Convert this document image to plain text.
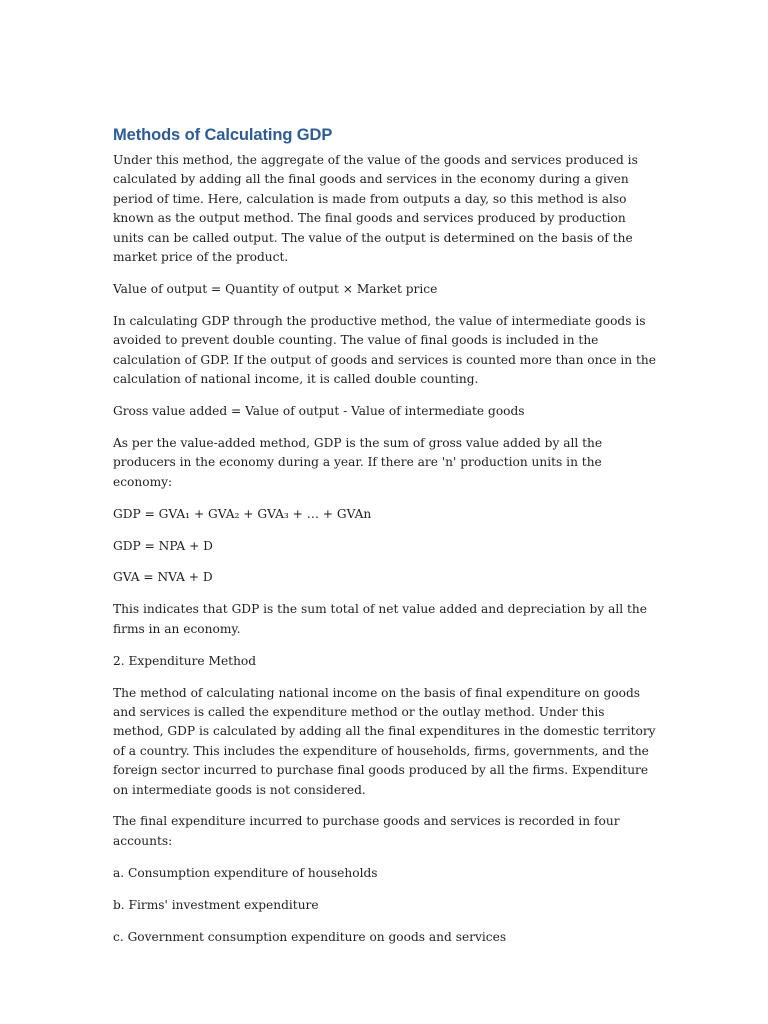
Methods of Calculating GDP

Under this method, the aggregate of the value of the goods and services produced is calculated by adding all the final goods and services in the economy during a given period of time. Here, calculation is made from outputs a day, so this method is also known as the output method. The final goods and services produced by production units can be called output. The value of the output is determined on the basis of the market price of the product.

Value of output = Quantity of output × Market price

In calculating GDP through the productive method, the value of intermediate goods is avoided to prevent double counting. The value of final goods is included in the calculation of GDP. If the output of goods and services is counted more than once in the calculation of national income, it is called double counting.

Gross value added = Value of output - Value of intermediate goods

As per the value-added method, GDP is the sum of gross value added by all the producers in the economy during a year. If there are 'n' production units in the economy:

GDP = GVA₁ + GVA₂ + GVA₃ + … + GVAn

GDP = NPA + D

GVA = NVA + D

This indicates that GDP is the sum total of net value added and depreciation by all the firms in an economy.

2. Expenditure Method

The method of calculating national income on the basis of final expenditure on goods and services is called the expenditure method or the outlay method. Under this method, GDP is calculated by adding all the final expenditures in the domestic territory of a country. This includes the expenditure of households, firms, governments, and the foreign sector incurred to purchase final goods produced by all the firms. Expenditure on intermediate goods is not considered.

The final expenditure incurred to purchase goods and services is recorded in four accounts:

a. Consumption expenditure of households

b. Firms' investment expenditure

c. Government consumption expenditure on goods and services
